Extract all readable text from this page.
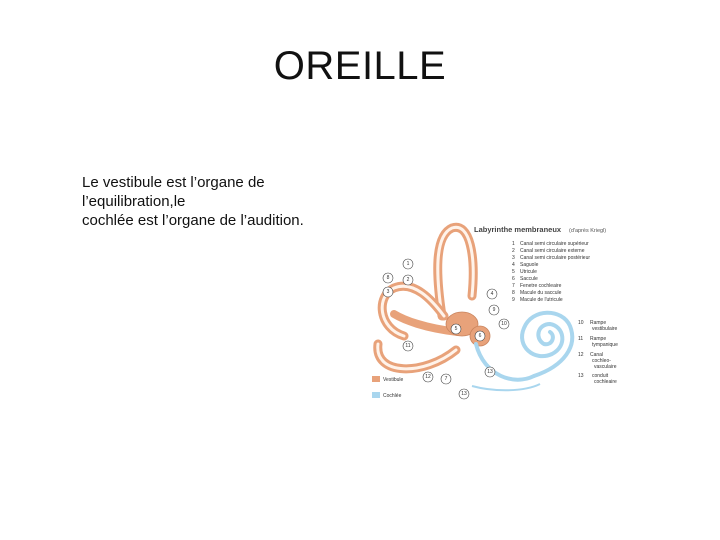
OREILLE
Le vestibule est l’organe de
l’equilibration,le
cochlée est l’organe de l’audition.
1
8	2
3	4
9
5
6
10
11
12	7
13
13
Labyrinthe membraneux (d'après Kriegl)
1 Canal semi circulaire supérieur
2 Canal semi circulaire externe
3 Canal semi circulaire postérieur
4 Saguole
5 Utricule
6 Saccule
7 Fenetre cochleaire
8 Macule du saccule
9 Macule de l'utricule
10 Rampe
vestibulaire
11 Rampe
tympanique
12 Canal
cochleo-
vasculaire
13 conduit
cochleaire
Vestibule
Cochlée
